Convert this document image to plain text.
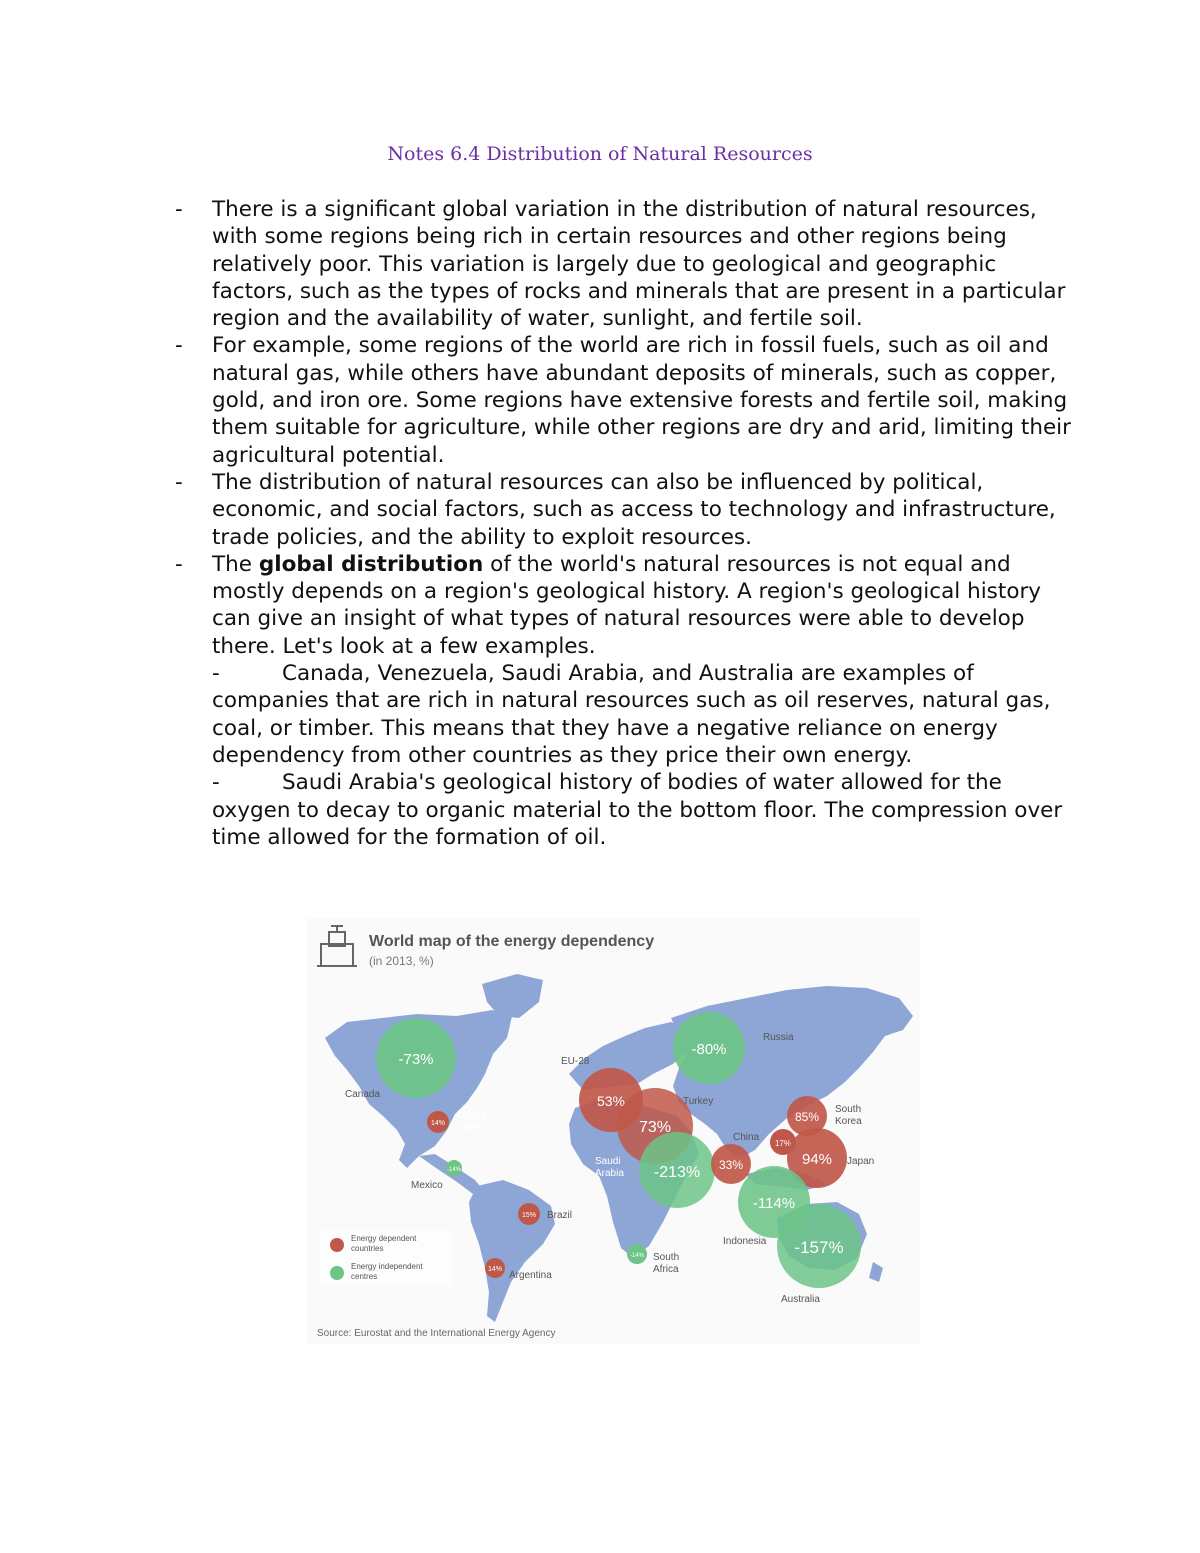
Notes 6.4 Distribution of Natural Resources
- There is a significant global variation in the distribution of natural resources, with some regions being rich in certain resources and other regions being relatively poor. This variation is largely due to geological and geographic factors, such as the types of rocks and minerals that are present in a particular region and the availability of water, sunlight, and fertile soil.
- For example, some regions of the world are rich in fossil fuels, such as oil and natural gas, while others have abundant deposits of minerals, such as copper, gold, and iron ore. Some regions have extensive forests and fertile soil, making them suitable for agriculture, while other regions are dry and arid, limiting their agricultural potential.
- The distribution of natural resources can also be influenced by political, economic, and social factors, such as access to technology and infrastructure, trade policies, and the ability to exploit resources.
- The global distribution of the world's natural resources is not equal and mostly depends on a region's geological history. A region's geological history can give an insight of what types of natural resources were able to develop there. Let's look at a few examples.
-	Canada, Venezuela, Saudi Arabia, and Australia are examples of companies that are rich in natural resources such as oil reserves, natural gas, coal, or timber. This means that they have a negative reliance on energy dependency from other countries as they price their own energy.
-	Saudi Arabia's geological history of bodies of water allowed for the oxygen to decay to organic material to the bottom floor. The compression over time allowed for the formation of oil.
World map of the energy dependency
(in 2013, %)
-73%
Canada
14%
United
States
-14%
Mexico
15% Brazil
14%
Argentina
53%
EU-28
73%
Turkey
-213%
Saudi
Arabia
-14% South
Africa
-80%
Russia
33%
17%
China
85%
South
Korea
94% Japan
-114%
Indonesia -157%
Australia
Energy dependent
countries
Energy independent
centres
Source: Eurostat and the International Energy Agency
